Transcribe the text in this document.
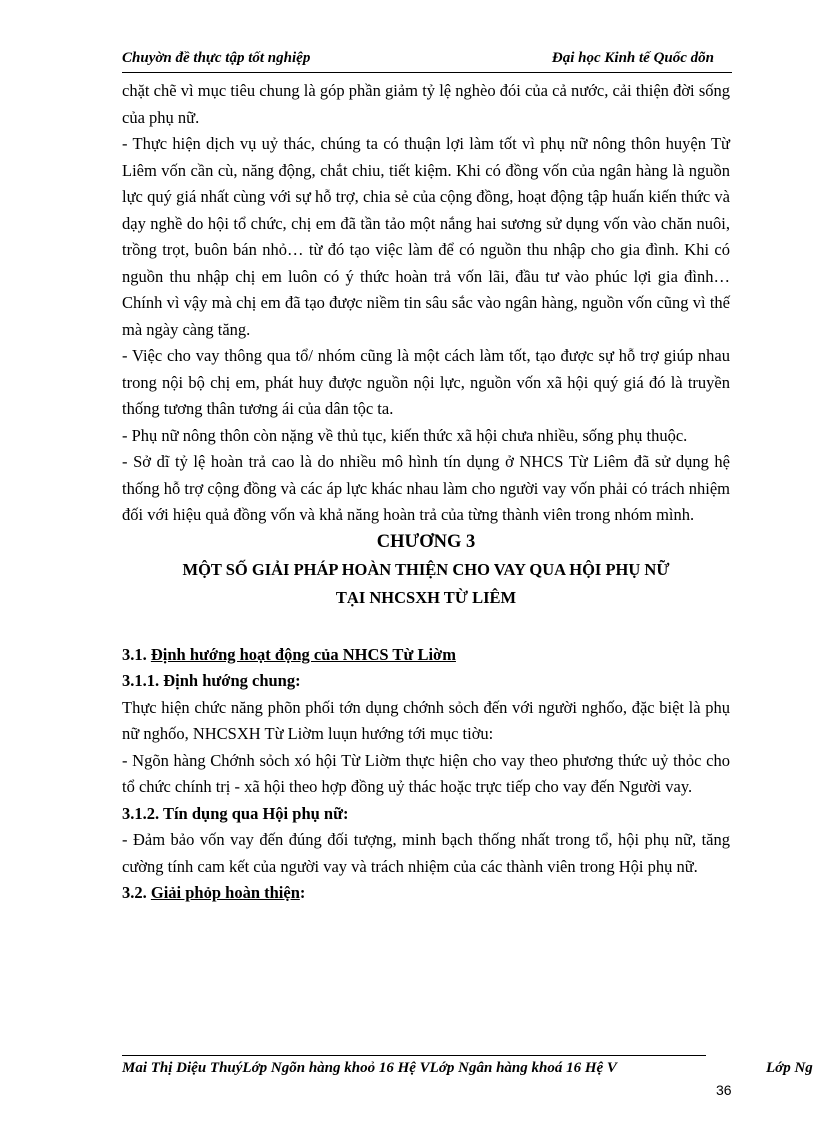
Chuyờn đề thực tập tốt nghiệp	Đại học Kinh tế Quốc dõn

chặt chẽ vì mục tiêu chung là góp phần giảm tỷ lệ nghèo đói của cả nước, cải thiện đời sống của phụ nữ.

- Thực hiện dịch vụ uỷ thác, chúng ta có thuận lợi làm tốt vì phụ nữ nông thôn huyện Từ Liêm vốn cần cù, năng động, chắt chiu, tiết kiệm. Khi có đồng vốn của ngân hàng là nguồn lực quý giá nhất cùng với sự hỗ trợ, chia sẻ của cộng đồng, hoạt động tập huấn kiến thức và dạy nghề do hội tổ chức, chị em đã tần tảo một nắng hai sương sử dụng vốn vào chăn nuôi, trồng trọt, buôn bán nhỏ… từ đó tạo việc làm để có nguồn thu nhập cho gia đình. Khi có nguồn thu nhập chị em luôn có ý thức hoàn trả vốn lãi, đầu tư vào phúc lợi gia đình… Chính vì vậy mà chị em đã tạo được niềm tin sâu sắc vào ngân hàng, nguồn vốn cũng vì thế mà ngày càng tăng.

- Việc cho vay thông qua tổ/ nhóm cũng là một cách làm tốt, tạo được sự hỗ trợ giúp nhau trong nội bộ chị em, phát huy được nguồn nội lực, nguồn vốn xã hội quý giá đó là truyền thống tương thân tương ái của dân tộc ta.

- Phụ nữ nông thôn còn nặng về thủ tục, kiến thức xã hội chưa nhiều, sống phụ thuộc.

- Sở dĩ tỷ lệ hoàn trả cao là do nhiều mô hình tín dụng ở NHCS Từ Liêm đã sử dụng hệ thống hỗ trợ cộng đồng và các áp lực khác nhau làm cho người vay vốn phải có trách nhiệm đối với hiệu quả đồng vốn và khả năng hoàn trả của từng thành viên trong nhóm mình.

CHƯƠNG 3

MỘT SỐ GIẢI PHÁP HOÀN THIỆN CHO VAY QUA HỘI PHỤ NỮ

TẠI NHCSXH TỪ LIÊM

3.1. Định hướng hoạt động của NHCS Từ Liờm

3.1.1. Định hướng chung:

Thực hiện chức năng phõn phối tớn dụng chớnh sỏch đến với người nghốo, đặc biệt là phụ nữ nghốo, NHCSXH Từ Liờm luụn hướng tới mục tiờu:

- Ngõn hàng Chớnh sỏch xó hội Từ Liờm thực hiện cho vay theo phương thức uỷ thỏc cho tổ chức chính trị - xã hội theo hợp đồng uỷ thác hoặc trực tiếp cho vay đến Người vay.

3.1.2. Tín dụng qua Hội phụ nữ:

- Đảm bảo vốn vay đến đúng đối tượng, minh bạch thống nhất trong tổ, hội phụ nữ, tăng cường tính cam kết của người vay và trách nhiệm của các thành viên trong Hội phụ nữ.

3.2. Giải phỏp hoàn thiện:

Mai Thị Diệu ThuýLớp Ngõn hàng khoỏ 16 Hệ VLớp Ngân hàng khoá 16 Hệ V	Lớp Ng
36
